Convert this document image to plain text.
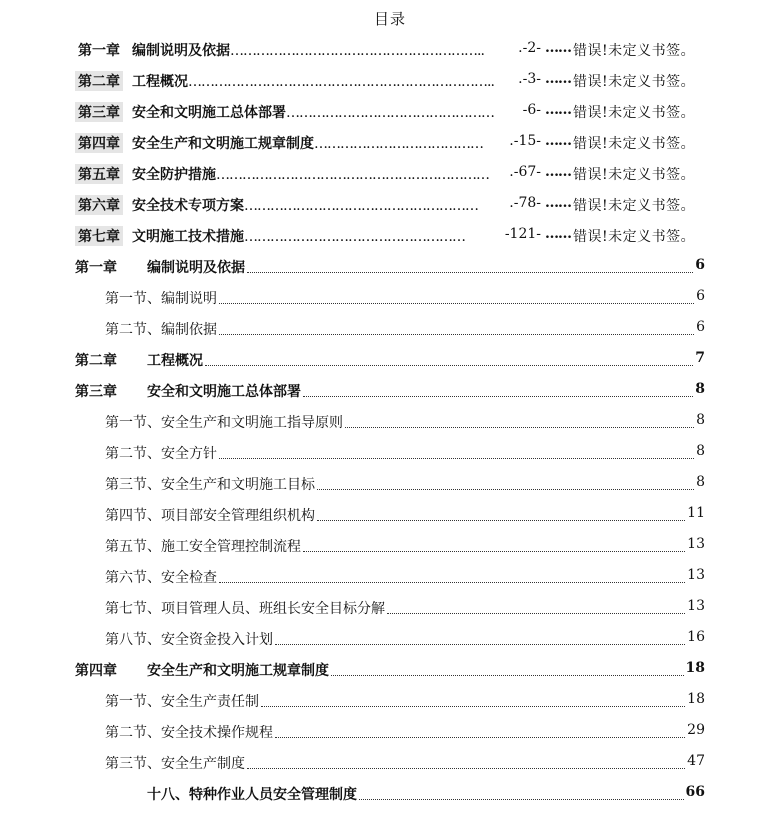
目录
第一章 编制说明及依据………………………………………………….. .-2- …… 错误!未定义书签。
第二章 工程概况…………………………………………………………….. .-3- …… 错误!未定义书签。
第三章 安全和文明施工总体部署………………………………………… -6- …… 错误!未定义书签。
第四章 安全生产和文明施工规章制度………………………………… .-15- …… 错误!未定义书签。
第五章 安全防护措施……………………………………………………… .-67- …… 错误!未定义书签。
第六章 安全技术专项方案……………………………………………… .-78- …… 错误!未定义书签。
第七章 文明施工技术措施……………………………………………	-121- …… 错误!未定义书签。
第一章 编制说明及依据	6
第一节、编制说明	6
第二节、编制依据	6
第二章 工程概况	7
第三章 安全和文明施工总体部署	8
第一节、安全生产和文明施工指导原则	8
第二节、安全方针	8
第三节、安全生产和文明施工目标	8
第四节、项目部安全管理组织机构	11
第五节、施工安全管理控制流程	13
第六节、安全检查	13
第七节、项目管理人员、班组长安全目标分解	13
第八节、安全资金投入计划	16
第四章 安全生产和文明施工规章制度	18
第一节、安全生产责任制	18
第二节、安全技术操作规程	29
第三节、安全生产制度	47
十八、特种作业人员安全管理制度	66
